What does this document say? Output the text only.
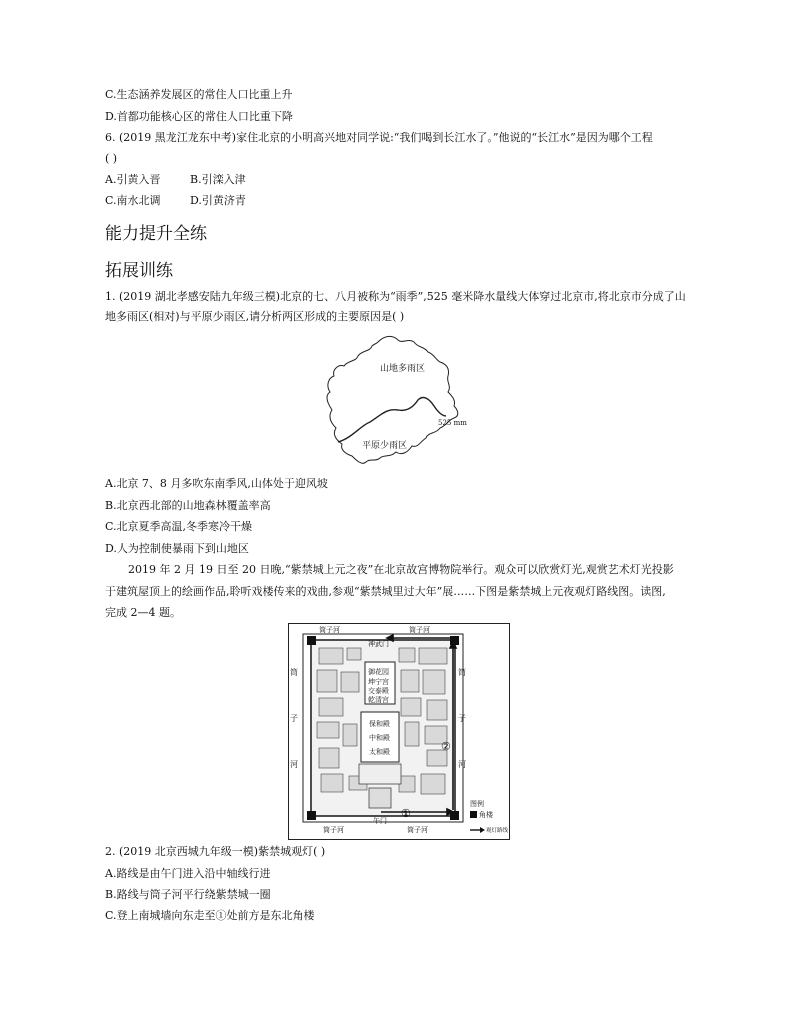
C.生态涵养发展区的常住人口比重上升
D.首都功能核心区的常住人口比重下降
6. (2019 黑龙江龙东中考)家住北京的小明高兴地对同学说:“我们喝到长江水了。”他说的“长江水”是因为哪个工程
( )
A.引黄入晋	B.引滦入津
C.南水北调	D.引黄济青
能力提升全练
拓展训练
1. (2019 湖北孝感安陆九年级三模)北京的七、八月被称为“雨季”,525 毫米降水量线大体穿过北京市,将北京市分成了山
地多雨区(相对)与平原少雨区,请分析两区形成的主要原因是( )
山地多雨区
平原少雨区
525 mm
A.北京 7、8 月多吹东南季风,山体处于迎风坡
B.北京西北部的山地森林覆盖率高
C.北京夏季高温,冬季寒冷干燥
D.人为控制使暴雨下到山地区
2019 年 2 月 19 日至 20 日晚,“紫禁城上元之夜”在北京故宫博物院举行。观众可以欣赏灯光,观赏艺术灯光投影
于建筑屋顶上的绘画作品,聆听戏楼传来的戏曲,参观“紫禁城里过大年”展……下图是紫禁城上元夜观灯路线图。读图,
完成 2—4 题。
筒子河	筒子河
筒子河	筒子河
神武门
御花园
坤宁宫
交泰殿
乾清宫
保和殿
中和殿
太和殿
午门
①
②
图例
角楼
观灯路线
筒
子
河
筒
子
河
2. (2019 北京西城九年级一模)紫禁城观灯( )
A.路线是由午门进入沿中轴线行进
B.路线与筒子河平行绕紫禁城一圈
C.登上南城墙向东走至①处前方是东北角楼
